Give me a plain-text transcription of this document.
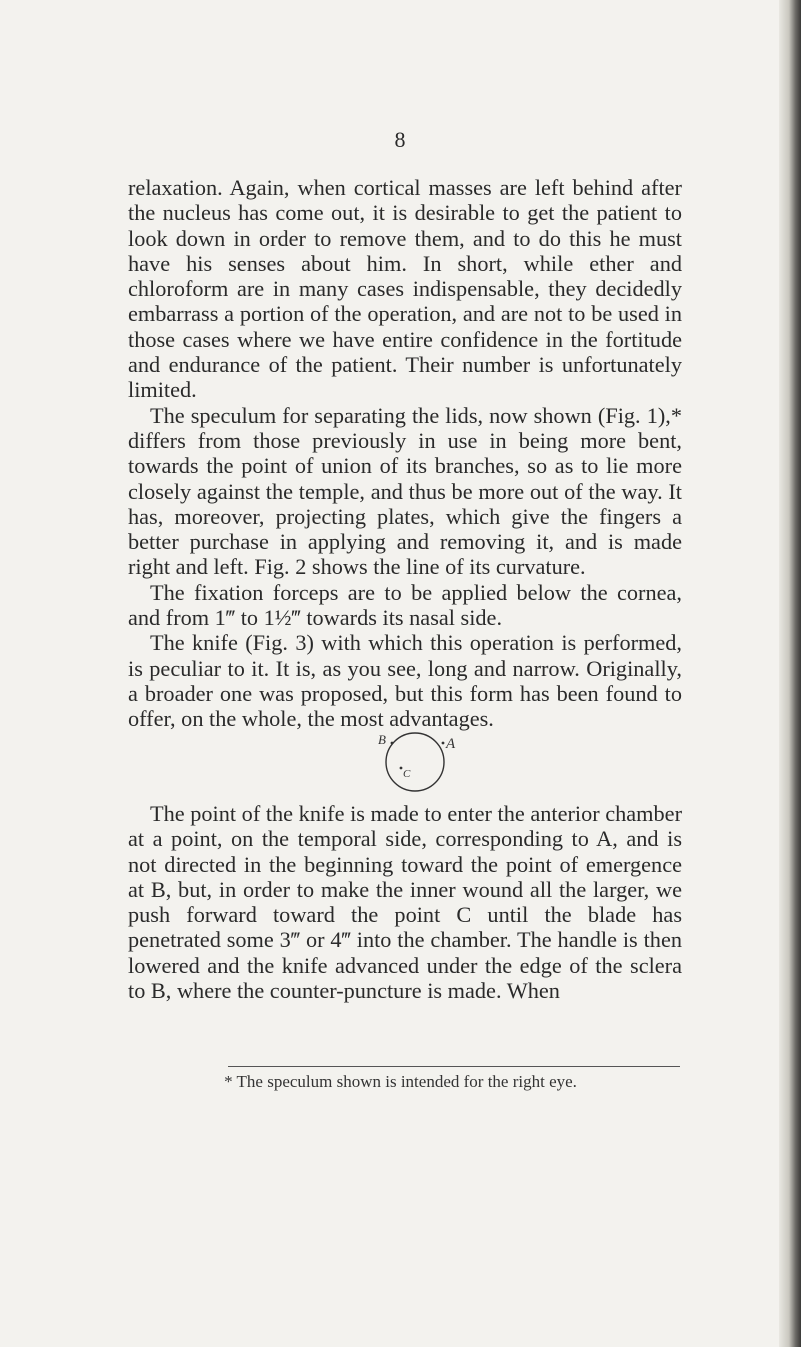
8

relaxation. Again, when cortical masses are left behind after the nucleus has come out, it is desirable to get the patient to look down in order to remove them, and to do this he must have his senses about him. In short, while ether and chloroform are in many cases indispensable, they decidedly embarrass a portion of the operation, and are not to be used in those cases where we have entire confidence in the fortitude and endurance of the patient. Their number is unfortunately limited.

The speculum for separating the lids, now shown (Fig. 1),* differs from those previously in use in being more bent, towards the point of union of its branches, so as to lie more closely against the temple, and thus be more out of the way. It has, moreover, projecting plates, which give the fingers a better purchase in applying and removing it, and is made right and left. Fig. 2 shows the line of its curvature.

The fixation forceps are to be applied below the cornea, and from 1‴ to 1½‴ towards its nasal side.

The knife (Fig. 3) with which this operation is performed, is peculiar to it. It is, as you see, long and narrow. Originally, a broader one was proposed, but this form has been found to offer, on the whole, the most advantages.

B	A
C

The point of the knife is made to enter the anterior chamber at a point, on the temporal side, corresponding to A, and is not directed in the beginning toward the point of emergence at B, but, in order to make the inner wound all the larger, we push forward toward the point C until the blade has penetrated some 3‴ or 4‴ into the chamber. The handle is then lowered and the knife advanced under the edge of the sclera to B, where the counter-puncture is made. When

* The speculum shown is intended for the right eye.
